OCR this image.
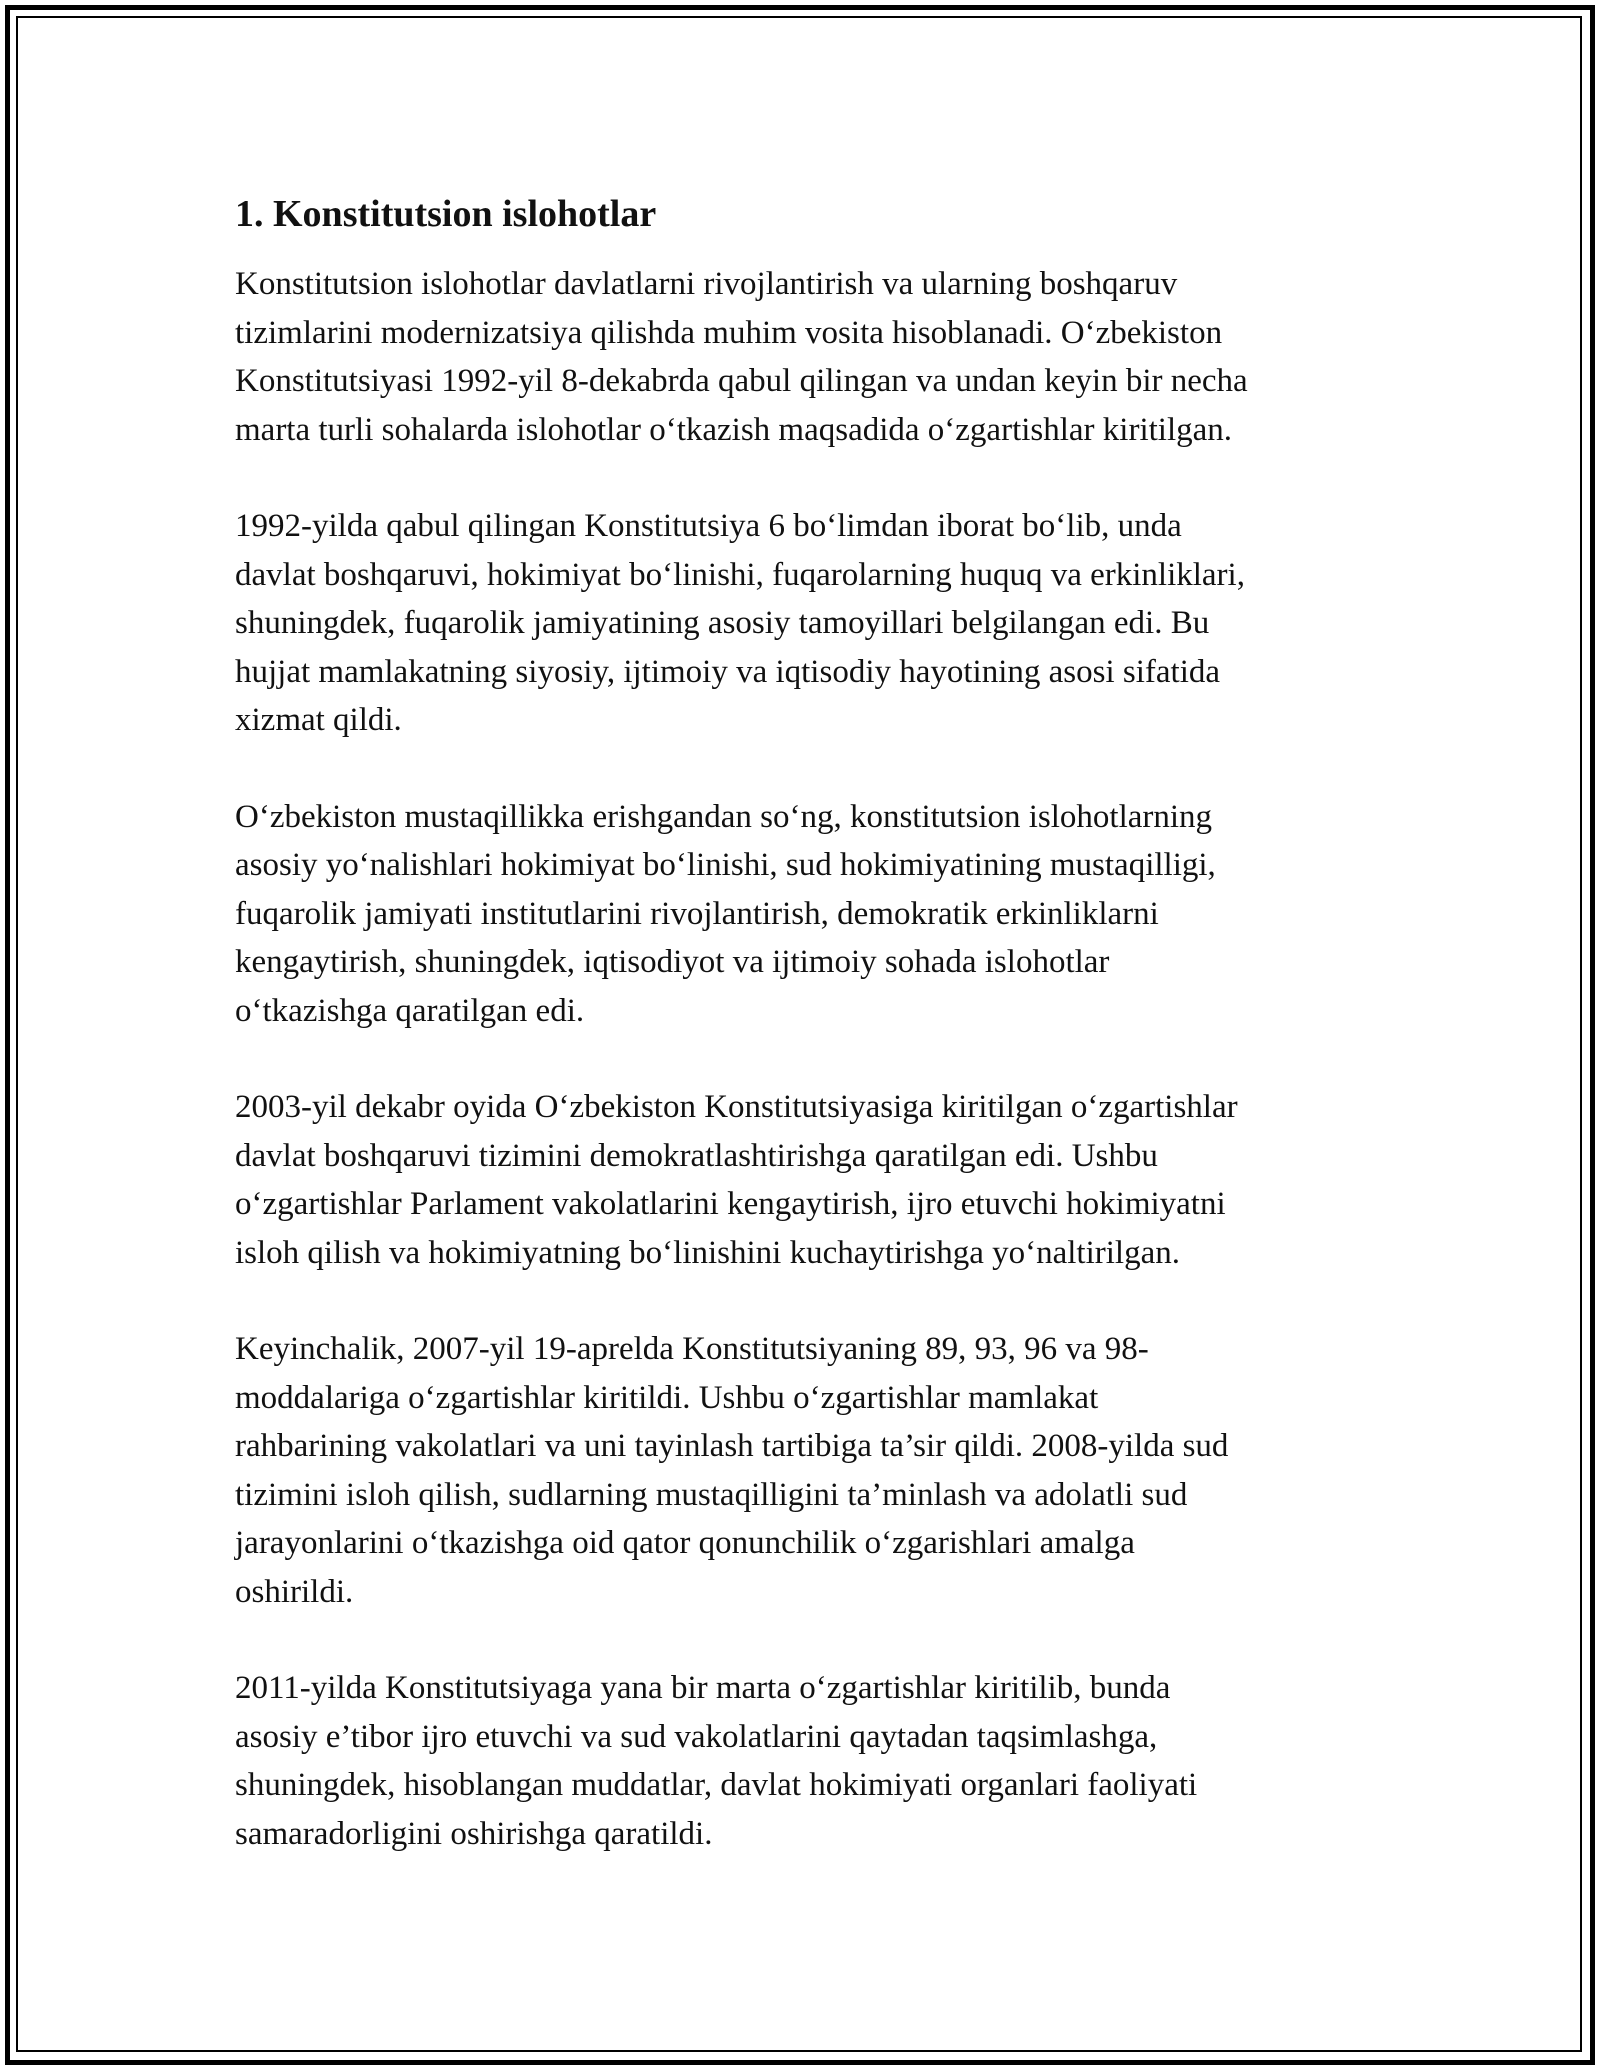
1. Konstitutsion islohotlar

Konstitutsion islohotlar davlatlarni rivojlantirish va ularning boshqaruv
tizimlarini modernizatsiya qilishda muhim vosita hisoblanadi. O‘zbekiston
Konstitutsiyasi 1992-yil 8-dekabrda qabul qilingan va undan keyin bir necha
marta turli sohalarda islohotlar o‘tkazish maqsadida o‘zgartishlar kiritilgan.

1992-yilda qabul qilingan Konstitutsiya 6 bo‘limdan iborat bo‘lib, unda
davlat boshqaruvi, hokimiyat bo‘linishi, fuqarolarning huquq va erkinliklari,
shuningdek, fuqarolik jamiyatining asosiy tamoyillari belgilangan edi. Bu
hujjat mamlakatning siyosiy, ijtimoiy va iqtisodiy hayotining asosi sifatida
xizmat qildi.

O‘zbekiston mustaqillikka erishgandan so‘ng, konstitutsion islohotlarning
asosiy yo‘nalishlari hokimiyat bo‘linishi, sud hokimiyatining mustaqilligi,
fuqarolik jamiyati institutlarini rivojlantirish, demokratik erkinliklarni
kengaytirish, shuningdek, iqtisodiyot va ijtimoiy sohada islohotlar
o‘tkazishga qaratilgan edi.

2003-yil dekabr oyida O‘zbekiston Konstitutsiyasiga kiritilgan o‘zgartishlar
davlat boshqaruvi tizimini demokratlashtirishga qaratilgan edi. Ushbu
o‘zgartishlar Parlament vakolatlarini kengaytirish, ijro etuvchi hokimiyatni
isloh qilish va hokimiyatning bo‘linishini kuchaytirishga yo‘naltirilgan.

Keyinchalik, 2007-yil 19-aprelda Konstitutsiyaning 89, 93, 96 va 98-
moddalariga o‘zgartishlar kiritildi. Ushbu o‘zgartishlar mamlakat
rahbarining vakolatlari va uni tayinlash tartibiga ta’sir qildi. 2008-yilda sud
tizimini isloh qilish, sudlarning mustaqilligini ta’minlash va adolatli sud
jarayonlarini o‘tkazishga oid qator qonunchilik o‘zgarishlari amalga
oshirildi.

2011-yilda Konstitutsiyaga yana bir marta o‘zgartishlar kiritilib, bunda
asosiy e’tibor ijro etuvchi va sud vakolatlarini qaytadan taqsimlashga,
shuningdek, hisoblangan muddatlar, davlat hokimiyati organlari faoliyati
samaradorligini oshirishga qaratildi.
